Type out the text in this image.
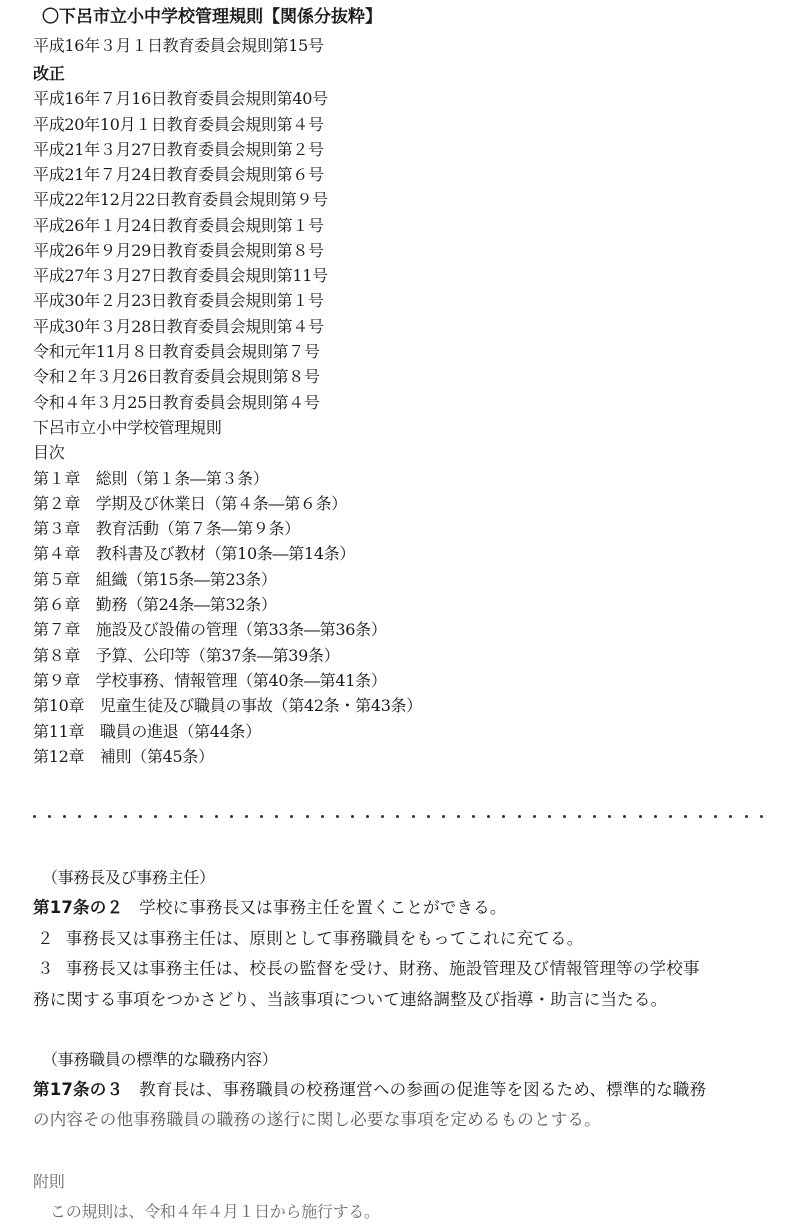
〇下呂市立小中学校管理規則【関係分抜粋】
平成16年３月１日教育委員会規則第15号
改正
平成16年７月16日教育委員会規則第40号
平成20年10月１日教育委員会規則第４号
平成21年３月27日教育委員会規則第２号
平成21年７月24日教育委員会規則第６号
平成22年12月22日教育委員会規則第９号
平成26年１月24日教育委員会規則第１号
平成26年９月29日教育委員会規則第８号
平成27年３月27日教育委員会規則第11号
平成30年２月23日教育委員会規則第１号
平成30年３月28日教育委員会規則第４号
令和元年11月８日教育委員会規則第７号
令和２年３月26日教育委員会規則第８号
令和４年３月25日教育委員会規則第４号
下呂市立小中学校管理規則
目次
第１章　総則（第１条―第３条）
第２章　学期及び休業日（第４条―第６条）
第３章　教育活動（第７条―第９条）
第４章　教科書及び教材（第10条―第14条）
第５章　組織（第15条―第23条）
第６章　勤務（第24条―第32条）
第７章　施設及び設備の管理（第33条―第36条）
第８章　予算、公印等（第37条―第39条）
第９章　学校事務、情報管理（第40条―第41条）
第10章　児童生徒及び職員の事故（第42条・第43条）
第11章　職員の進退（第44条）
第12章　補則（第45条）
（事務長及び事務主任）
第17条の２ 学校に事務長又は事務主任を置くことができる。
２ 事務長又は事務主任は、原則として事務職員をもってこれに充てる。
３ 事務長又は事務主任は、校長の監督を受け、財務、施設管理及び情報管理等の学校事
務に関する事項をつかさどり、当該事項について連絡調整及び指導・助言に当たる。
（事務職員の標準的な職務内容）
第17条の３ 教育長は、事務職員の校務運営への参画の促進等を図るため、標準的な職務
の内容その他事務職員の職務の遂行に関し必要な事項を定めるものとする。
附則
この規則は、令和４年４月１日から施行する。
